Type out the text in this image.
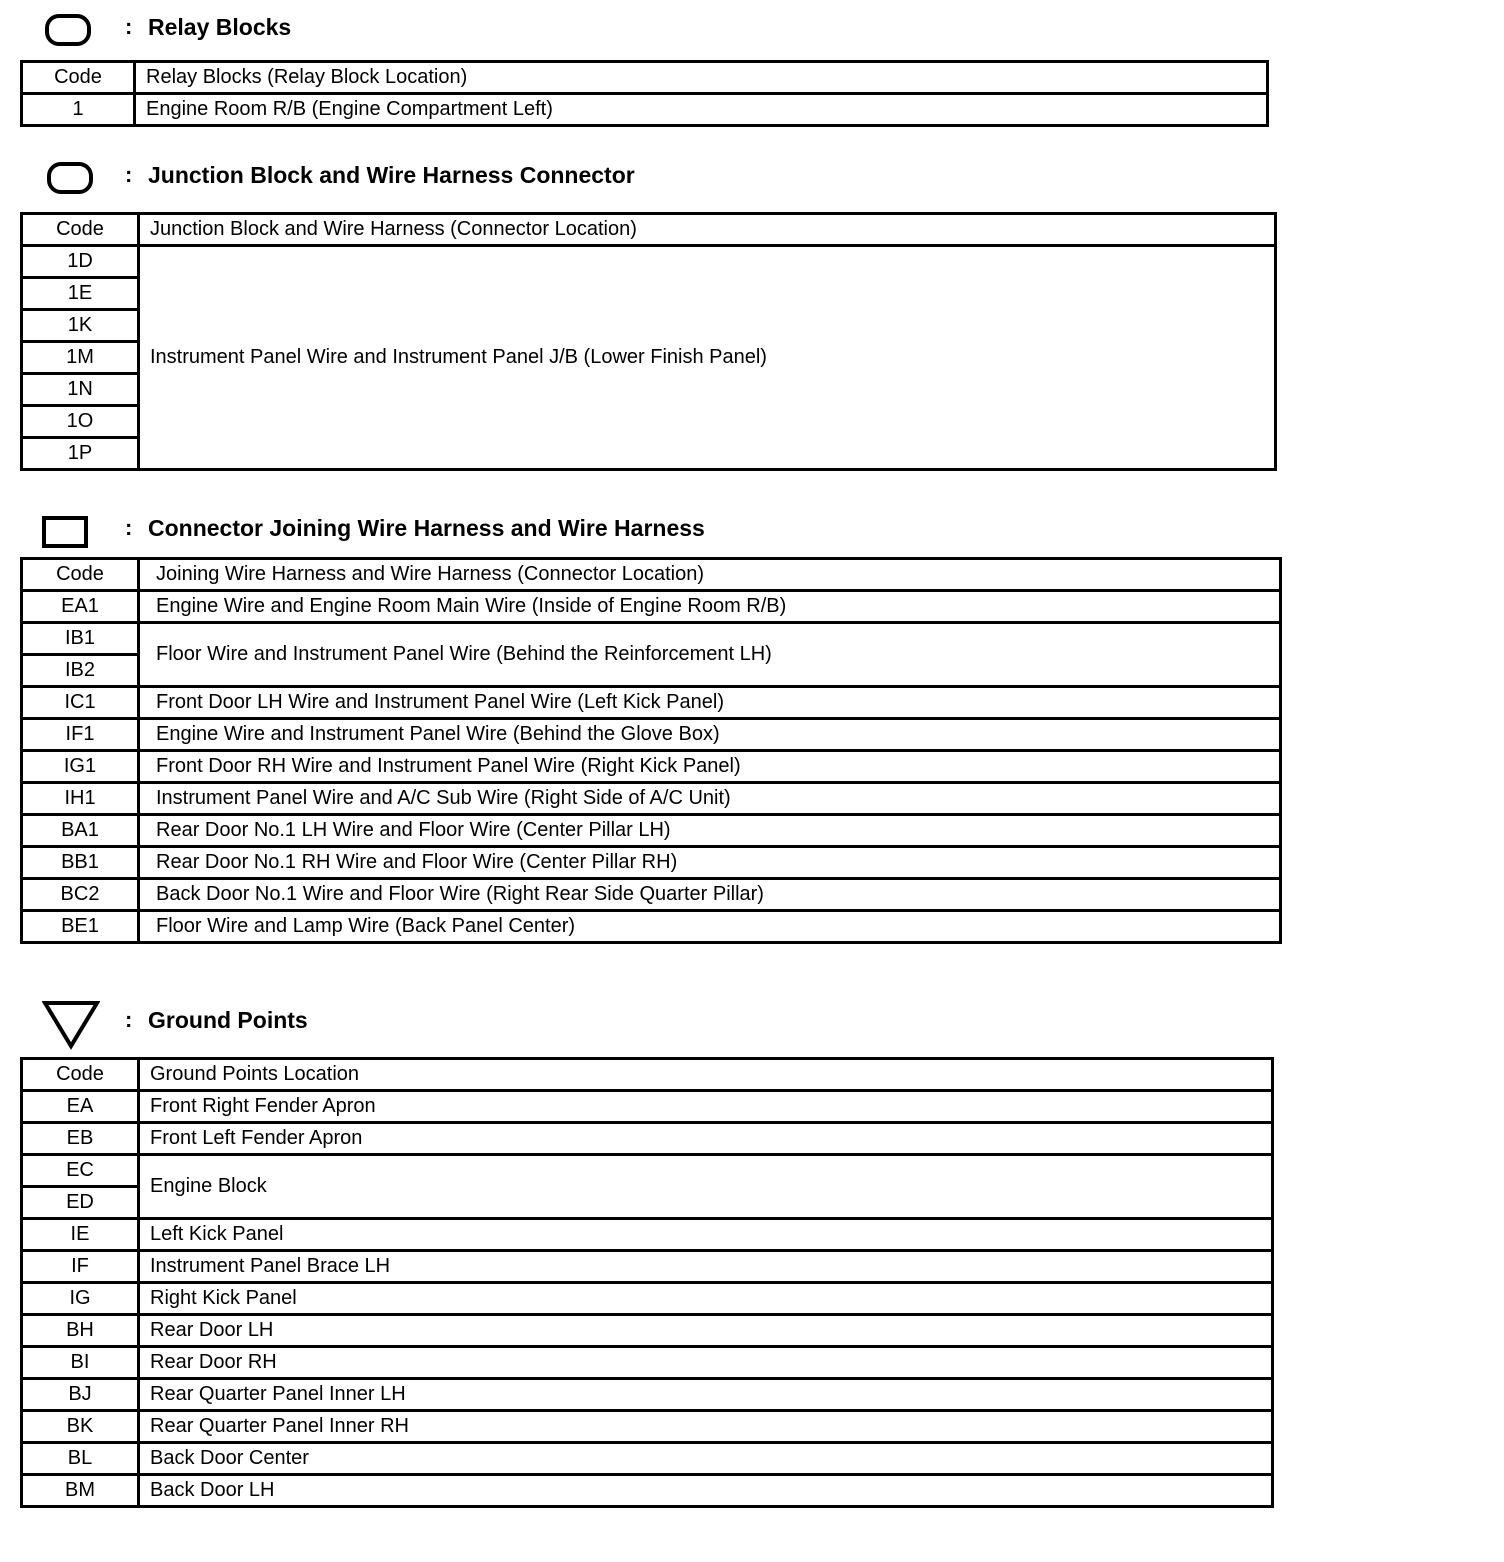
: Relay Blocks
Code	Relay Blocks (Relay Block Location)
1	Engine Room R/B (Engine Compartment Left)
: Junction Block and Wire Harness Connector
Code	Junction Block and Wire Harness (Connector Location)
1D	Instrument Panel Wire and Instrument Panel J/B (Lower Finish Panel)
1E	
1K	
1M	
1N	
1O	
1P	
: Connector Joining Wire Harness and Wire Harness
Code	Joining Wire Harness and Wire Harness (Connector Location)
EA1	Engine Wire and Engine Room Main Wire (Inside of Engine Room R/B)
IB1	Floor Wire and Instrument Panel Wire (Behind the Reinforcement LH)
IB2	
IC1	Front Door LH Wire and Instrument Panel Wire (Left Kick Panel)
IF1	Engine Wire and Instrument Panel Wire (Behind the Glove Box)
IG1	Front Door RH Wire and Instrument Panel Wire (Right Kick Panel)
IH1	Instrument Panel Wire and A/C Sub Wire (Right Side of A/C Unit)
BA1	Rear Door No.1 LH Wire and Floor Wire (Center Pillar LH)
BB1	Rear Door No.1 RH Wire and Floor Wire (Center Pillar RH)
BC2	Back Door No.1 Wire and Floor Wire (Right Rear Side Quarter Pillar)
BE1	Floor Wire and Lamp Wire (Back Panel Center)
: Ground Points
Code	Ground Points Location
EA	Front Right Fender Apron
EB	Front Left Fender Apron
EC	Engine Block
ED	
IE	Left Kick Panel
IF	Instrument Panel Brace LH
IG	Right Kick Panel
BH	Rear Door LH
BI	Rear Door RH
BJ	Rear Quarter Panel Inner LH
BK	Rear Quarter Panel Inner RH
BL	Back Door Center
BM	Back Door LH
